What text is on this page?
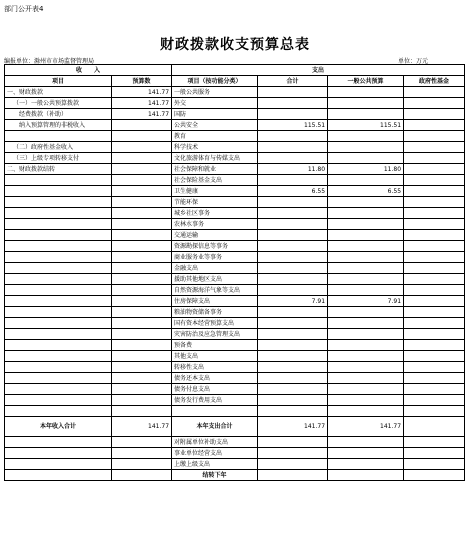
部门公开表4
财政拨款收支预算总表
编报单位：滁州市市场监督管理局	单位：万元
收　　入		支出			
项目	预算数	项目（按功能分类）	合计	一般公共预算	政府性基金
一、财政拨款	141.77	一般公共服务			
（一）一般公共预算拨款	141.77	外交			
经费拨款（补助）	141.77	国防			
纳入预算管理的非税收入		公共安全	115.51	115.51	
		教育			
（二）政府性基金收入		科学技术			
（三）上级专项转移支付		文化旅游体育与传媒支出			
二、财政拨款结转		社会保障和就业	11.80	11.80	
		社会保险基金支出			
		卫生健康	6.55	6.55	
		节能环保			
		城乡社区事务			
		农林水事务			
		交通运输			
		资源勘探信息等事务			
		商业服务业等事务			
		金融支出			
		援助其他地区支出			
		自然资源海洋气象等支出			
		住房保障支出	7.91	7.91	
		粮油物资储备事务			
		国有资本经营预算支出			
		灾害防治及应急管理支出			
		预备费			
		其他支出			
		转移性支出			
		债务还本支出			
		债务付息支出			
		债务发行费用支出			

本年收入合计	141.77	本年支出合计	141.77	141.77	
		对附属单位补助支出			
		事业单位经营支出			
		上缴上级支出			
		结转下年			
